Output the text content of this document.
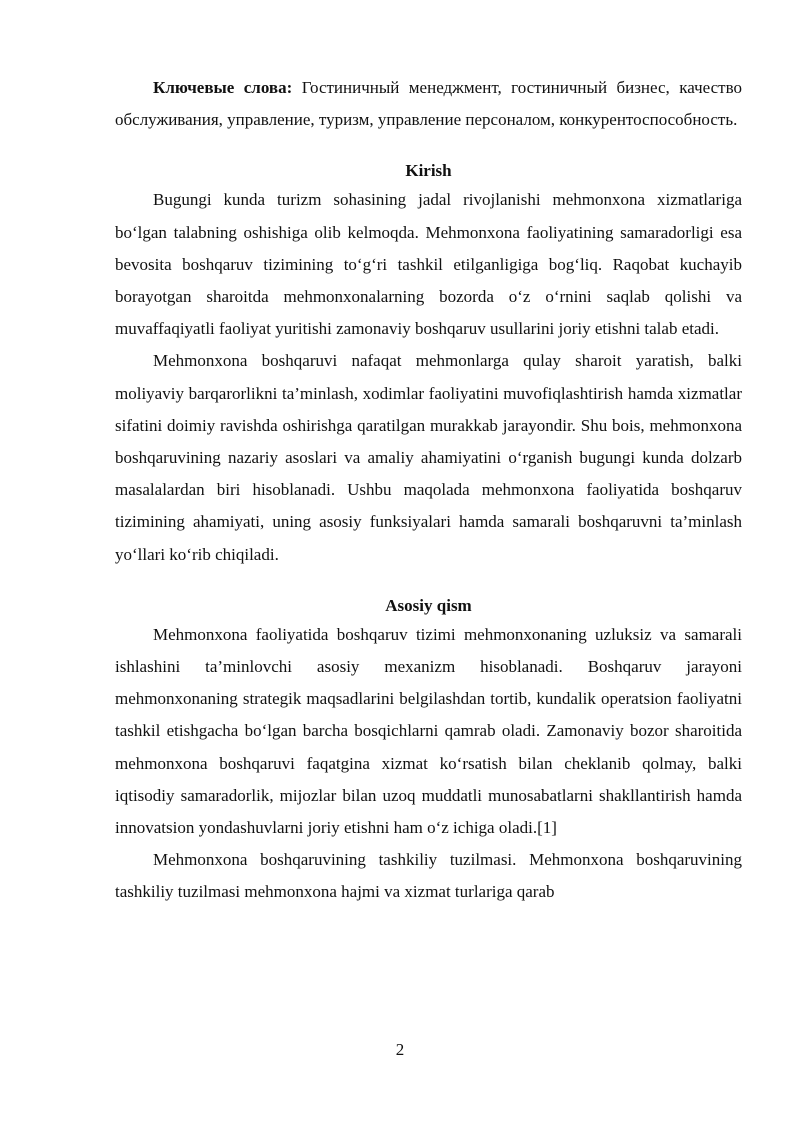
Ключевые слова: Гостиничный менеджмент, гостиничный бизнес, качество обслуживания, управление, туризм, управление персоналом, конкурентоспособность.

Kirish

Bugungi kunda turizm sohasining jadal rivojlanishi mehmonxona xizmatlariga bo‘lgan talabning oshishiga olib kelmoqda. Mehmonxona faoliyatining samaradorligi esa bevosita boshqaruv tizimining to‘g‘ri tashkil etilganligiga bog‘liq. Raqobat kuchayib borayotgan sharoitda mehmonxonalarning bozorda o‘z o‘rnini saqlab qolishi va muvaffaqiyatli faoliyat yuritishi zamonaviy boshqaruv usullarini joriy etishni talab etadi.

Mehmonxona boshqaruvi nafaqat mehmonlarga qulay sharoit yaratish, balki moliyaviy barqarorlikni ta’minlash, xodimlar faoliyatini muvofiqlashtirish hamda xizmatlar sifatini doimiy ravishda oshirishga qaratilgan murakkab jarayondir. Shu bois, mehmonxona boshqaruvining nazariy asoslari va amaliy ahamiyatini o‘rganish bugungi kunda dolzarb masalalardan biri hisoblanadi. Ushbu maqolada mehmonxona faoliyatida boshqaruv tizimining ahamiyati, uning asosiy funksiyalari hamda samarali boshqaruvni ta’minlash yo‘llari ko‘rib chiqiladi.

Asosiy qism

Mehmonxona faoliyatida boshqaruv tizimi mehmonxonaning uzluksiz va samarali ishlashini ta’minlovchi asosiy mexanizm hisoblanadi. Boshqaruv jarayoni mehmonxonaning strategik maqsadlarini belgilashdan tortib, kundalik operatsion faoliyatni tashkil etishgacha bo‘lgan barcha bosqichlarni qamrab oladi. Zamonaviy bozor sharoitida mehmonxona boshqaruvi faqatgina xizmat ko‘rsatish bilan cheklanib qolmay, balki iqtisodiy samaradorlik, mijozlar bilan uzoq muddatli munosabatlarni shakllantirish hamda innovatsion yondashuvlarni joriy etishni ham o‘z ichiga oladi.[1]

Mehmonxona boshqaruvining tashkiliy tuzilmasi. Mehmonxona boshqaruvining tashkiliy tuzilmasi mehmonxona hajmi va xizmat turlariga qarab

2
